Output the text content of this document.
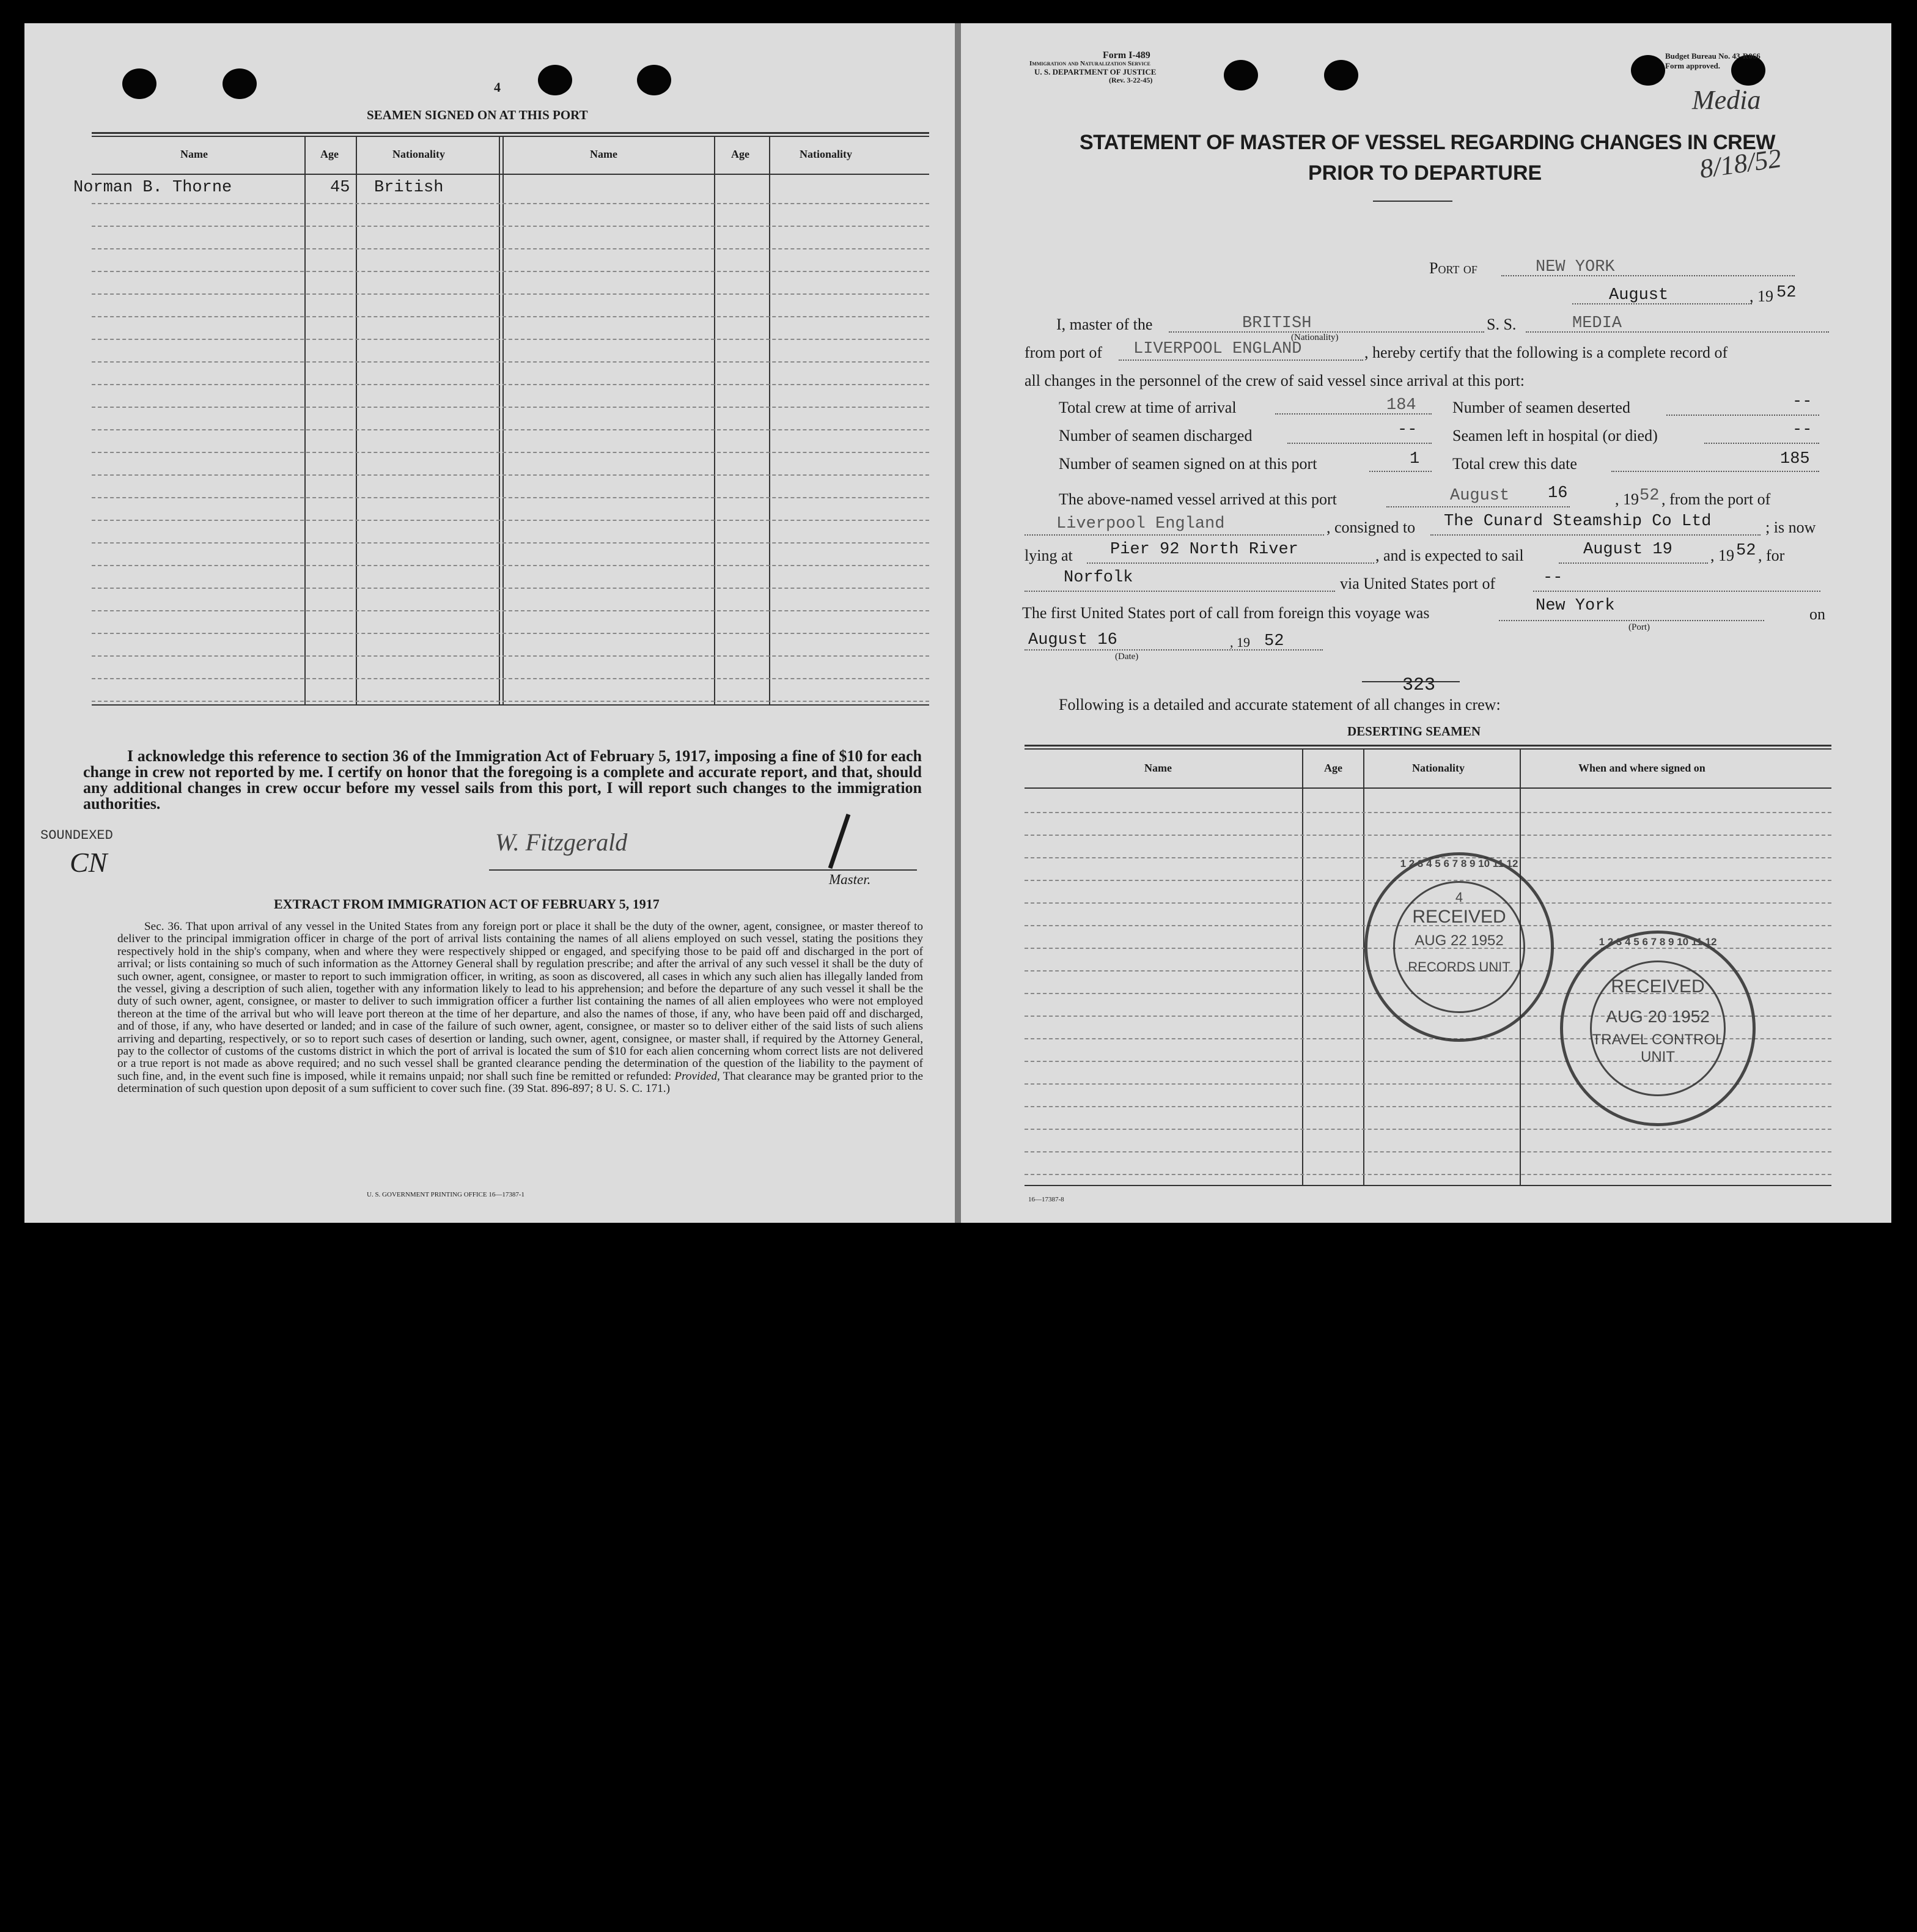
4
SEAMEN SIGNED ON AT THIS PORT
Name	Age	Nationality	Name	Age	Nationality
Norman B. Thorne	45 British
I acknowledge this reference to section 36 of the Immigration Act of February 5, 1917, imposing a fine of $10 for each change in crew not reported by me. I certify on honor that the foregoing is a complete and accurate report, and that, should any additional changes in crew occur before my vessel sails from this port, I will report such changes to the immigration authorities.
SOUNDEXED
CN
W. Fitzgerald
Master.
EXTRACT FROM IMMIGRATION ACT OF FEBRUARY 5, 1917
Sec. 36. That upon arrival of any vessel in the United States from any foreign port or place it shall be the duty of the owner, agent, consignee, or master thereof to deliver to the principal immigration officer in charge of the port of arrival lists containing the names of all aliens employed on such vessel, stating the positions they respectively hold in the ship's company, when and where they were respectively shipped or engaged, and specifying those to be paid off and discharged in the port of arrival; or lists containing so much of such information as the Attorney General shall by regulation prescribe; and after the arrival of any such vessel it shall be the duty of such owner, agent, consignee, or master to report to such immigration officer, in writing, as soon as discovered, all cases in which any such alien has illegally landed from the vessel, giving a description of such alien, together with any information likely to lead to his apprehension; and before the departure of any such vessel it shall be the duty of such owner, agent, consignee, or master to deliver to such immigration officer a further list containing the names of all alien employees who were not employed thereon at the time of the arrival but who will leave port thereon at the time of her departure, and also the names of those, if any, who have been paid off and discharged, and of those, if any, who have deserted or landed; and in case of the failure of such owner, agent, consignee, or master so to deliver either of the said lists of such aliens arriving and departing, respectively, or so to report such cases of desertion or landing, such owner, agent, consignee, or master shall, if required by the Attorney General, pay to the collector of customs of the customs district in which the port of arrival is located the sum of $10 for each alien concerning whom correct lists are not delivered or a true report is not made as above required; and no such vessel shall be granted clearance pending the determination of the question of the liability to the payment of such fine, and, in the event such fine is imposed, while it remains unpaid; nor shall such fine be remitted or refunded: Provided, That clearance may be granted prior to the determination of such question upon deposit of a sum sufficient to cover such fine. (39 Stat. 896-897; 8 U. S. C. 171.)
U. S. GOVERNMENT PRINTING OFFICE 16—17387-1
Form I-489
Immigration and Naturalization Service
U. S. DEPARTMENT OF JUSTICE
(Rev. 3-22-45)
Budget Bureau No. 43-R066
Form approved.
Media
8/18/52
STATEMENT OF MASTER OF VESSEL REGARDING CHANGES IN CREW
PRIOR TO DEPARTURE
Port of	NEW YORK
August	, 19 52
I, master of the	BRITISH
(Nationality)
S. S.	MEDIA
from port of LIVERPOOL ENGLAND	, hereby certify that the following is a complete record of
all changes in the personnel of the crew of said vessel since arrival at this port:
Total crew at time of arrival	184 Number of seamen deserted	--
Number of seamen discharged	-- Seamen left in hospital (or died)	--
Number of seamen signed on at this port	1 Total crew this date	185
The above-named vessel arrived at this port	August 16	, 19 52 , from the port of
Liverpool England	, consigned to The Cunard Steamship Co Ltd	; is now
lying at Pier 92 North River	, and is expected to sail	August 19 , 19 52 , for
Norfolk	via United States port of	--
The first United States port of call from foreign this voyage was	New York
(Port)
on
August 16
(Date)
, 19 52
323
Following is a detailed and accurate statement of all changes in crew:
DESERTING SEAMEN
Name	Age	Nationality	When and where signed on
1 2 3 4 5 6 7 8 9 10 11 12
4
RECEIVED
AUG 22 1952
RECORDS UNIT
1 2 3 4 5 6 7 8 9 10 11 12
RECEIVED
AUG 20 1952
TRAVEL CONTROL
UNIT
16—17387-8
